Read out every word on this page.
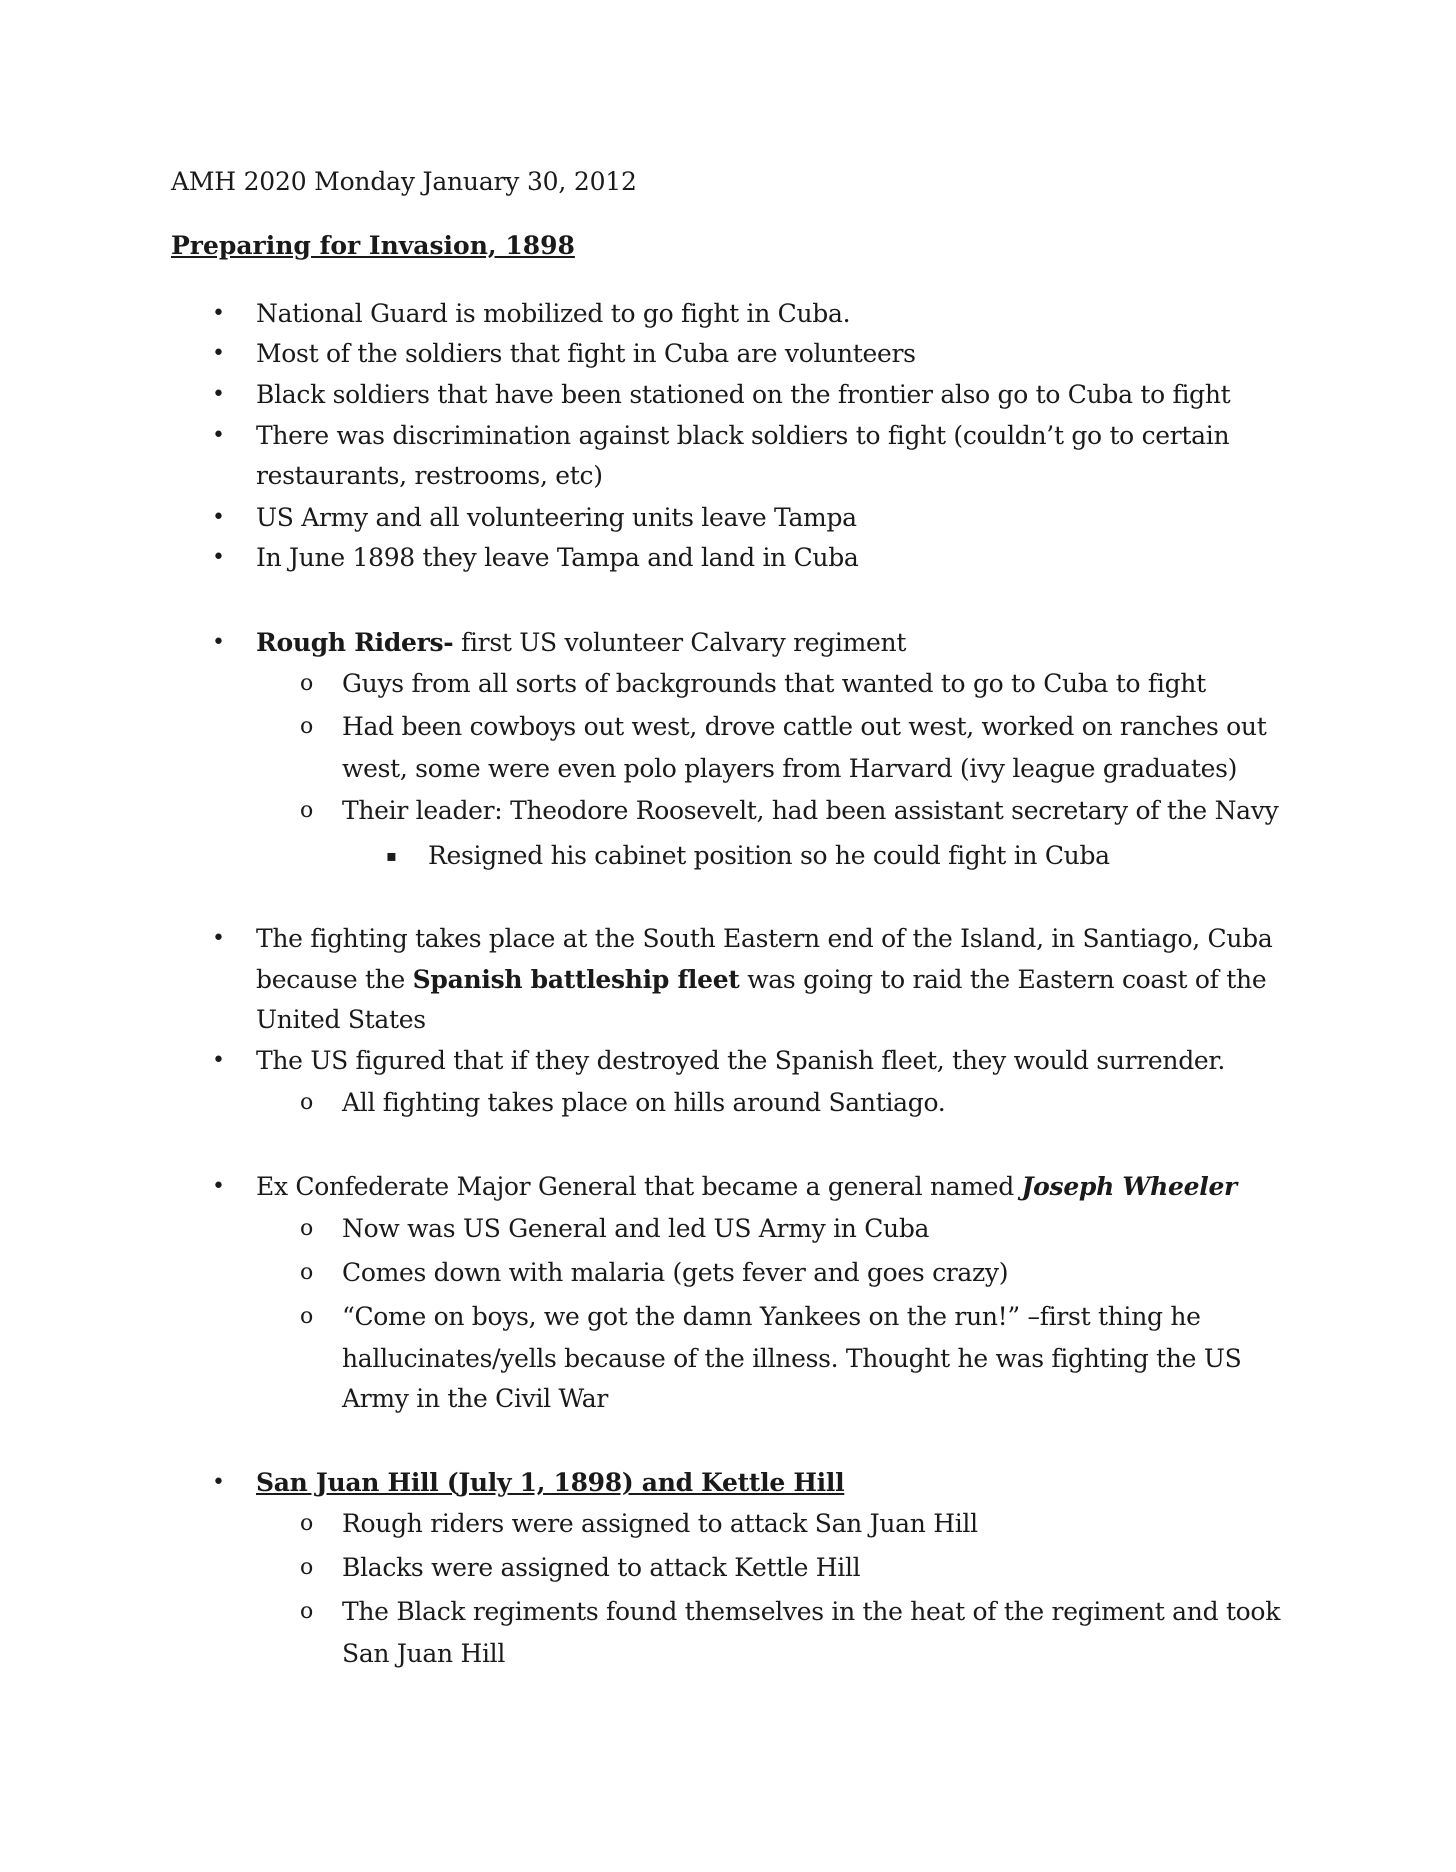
AMH 2020 Monday January 30, 2012
Preparing for Invasion, 1898
• National Guard is mobilized to go fight in Cuba.
• Most of the soldiers that fight in Cuba are volunteers
• Black soldiers that have been stationed on the frontier also go to Cuba to fight
• There was discrimination against black soldiers to fight (couldn’t go to certain
restaurants, restrooms, etc)
• US Army and all volunteering units leave Tampa
• In June 1898 they leave Tampa and land in Cuba
• Rough Riders- first US volunteer Calvary regiment
o Guys from all sorts of backgrounds that wanted to go to Cuba to fight
o Had been cowboys out west, drove cattle out west, worked on ranches out
west, some were even polo players from Harvard (ivy league graduates)
o Their leader: Theodore Roosevelt, had been assistant secretary of the Navy
▪ Resigned his cabinet position so he could fight in Cuba
• The fighting takes place at the South Eastern end of the Island, in Santiago, Cuba
because the Spanish battleship fleet was going to raid the Eastern coast of the
United States
• The US figured that if they destroyed the Spanish fleet, they would surrender.
o All fighting takes place on hills around Santiago.
• Ex Confederate Major General that became a general named Joseph Wheeler
o Now was US General and led US Army in Cuba
o Comes down with malaria (gets fever and goes crazy)
o “Come on boys, we got the damn Yankees on the run!” –first thing he
hallucinates/yells because of the illness. Thought he was fighting the US
Army in the Civil War
• San Juan Hill (July 1, 1898) and Kettle Hill
o Rough riders were assigned to attack San Juan Hill
o Blacks were assigned to attack Kettle Hill
o The Black regiments found themselves in the heat of the regiment and took
San Juan Hill
